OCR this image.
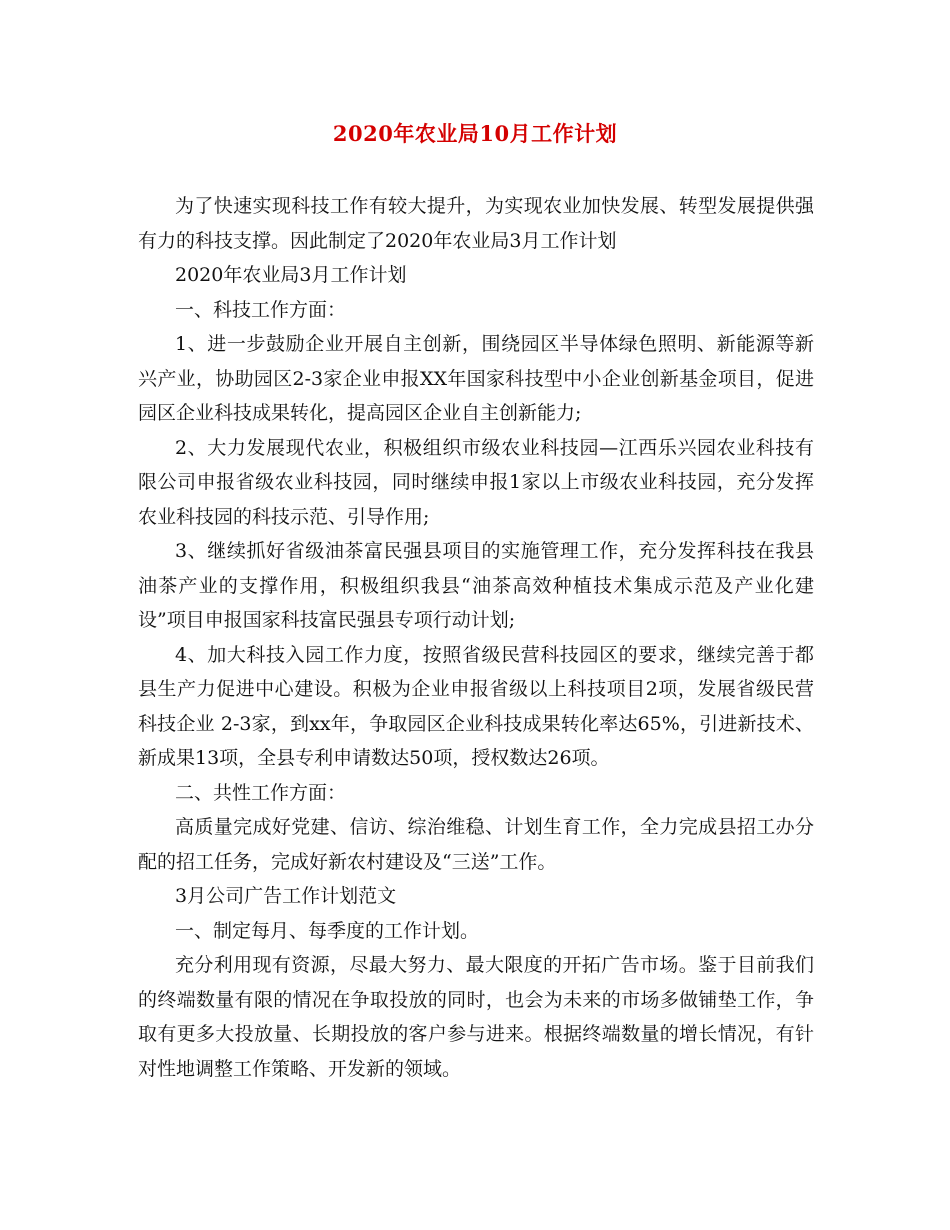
2020年农业局10月工作计划

为了快速实现科技工作有较大提升，为实现农业加快发展、转型发展提供强有力的科技支撑。因此制定了2020年农业局3月工作计划

2020年农业局3月工作计划

一、科技工作方面：

1、进一步鼓励企业开展自主创新，围绕园区半导体绿色照明、新能源等新兴产业，协助园区2-3家企业申报XX年国家科技型中小企业创新基金项目，促进园区企业科技成果转化，提高园区企业自主创新能力;

2、大力发展现代农业，积极组织市级农业科技园—江西乐兴园农业科技有限公司申报省级农业科技园，同时继续申报1家以上市级农业科技园，充分发挥农业科技园的科技示范、引导作用;

3、继续抓好省级油茶富民强县项目的实施管理工作，充分发挥科技在我县油茶产业的支撑作用，积极组织我县“油茶高效种植技术集成示范及产业化建设”项目申报国家科技富民强县专项行动计划;

4、加大科技入园工作力度，按照省级民营科技园区的要求，继续完善于都县生产力促进中心建设。积极为企业申报省级以上科技项目2项，发展省级民营科技企业 2-3家，到xx年，争取园区企业科技成果转化率达65%，引进新技术、新成果13项，全县专利申请数达50项，授权数达26项。

二、共性工作方面：

高质量完成好党建、信访、综治维稳、计划生育工作，全力完成县招工办分配的招工任务，完成好新农村建设及“三送”工作。

3月公司广告工作计划范文

一、制定每月、每季度的工作计划。

充分利用现有资源，尽最大努力、最大限度的开拓广告市场。鉴于目前我们的终端数量有限的情况在争取投放的同时，也会为未来的市场多做铺垫工作，争取有更多大投放量、长期投放的客户参与进来。根据终端数量的增长情况，有针对性地调整工作策略、开发新的领域。
